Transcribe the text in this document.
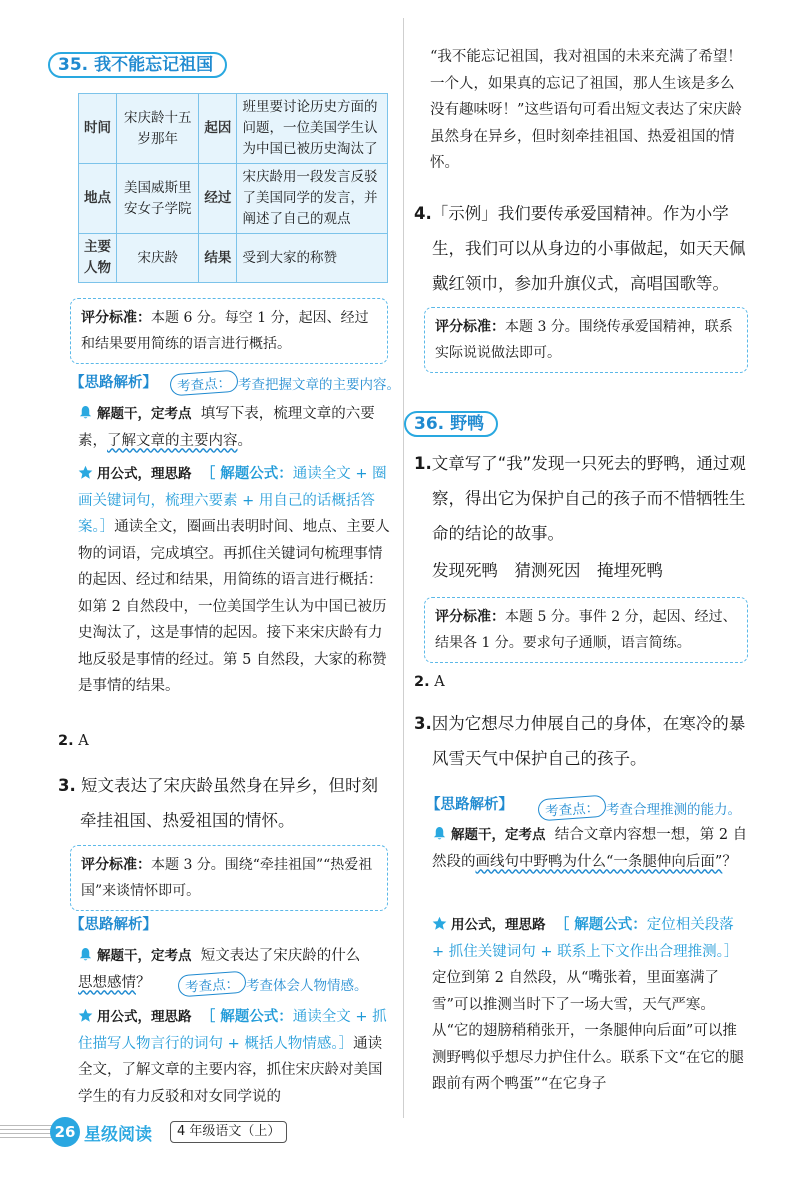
35. 我不能忘记祖国
时间	宋庆龄十五岁那年	起因	班里要讨论历史方面的问题，一位美国学生认为中国已被历史淘汰了
地点	美国威斯里安女子学院	经过	宋庆龄用一段发言反驳了美国同学的发言，并阐述了自己的观点
主要人物	宋庆龄	结果	受到大家的称赞
评分标准：本题 6 分。每空 1 分，起因、经过和结果要用简练的语言进行概括。
【思路解析】	考查点： 考查把握文章的主要内容。
解题干，定考点 填写下表，梳理文章的六要素，了解文章的主要内容。
用公式，理思路 ［ 解题公式：通读全文 + 圈画关键词句，梳理六要素 + 用自己的话概括答案。］通读全文，圈画出表明时间、地点、主要人物的词语，完成填空。再抓住关键词句梳理事情的起因、经过和结果，用简练的语言进行概括：如第 2 自然段中，一位美国学生认为中国已被历史淘汰了，这是事情的起因。接下来宋庆龄有力地反驳是事情的经过。第 5 自然段，大家的称赞是事情的结果。
2. A
3. 短文表达了宋庆龄虽然身在异乡，但时刻牵挂祖国、热爱祖国的情怀。
评分标准：本题 3 分。围绕“牵挂祖国”“热爱祖国”来谈情怀即可。
【思路解析】
解题干，定考点 短文表达了宋庆龄的什么
思想感情？	考查点： 考查体会人物情感。
用公式，理思路 ［ 解题公式：通读全文 + 抓住描写人物言行的词句 + 概括人物情感。］通读全文，了解文章的主要内容，抓住宋庆龄对美国学生的有力反驳和对女同学说的
“我不能忘记祖国，我对祖国的未来充满了希望！一个人，如果真的忘记了祖国，那人生该是多么没有趣味呀！”这些语句可看出短文表达了宋庆龄虽然身在异乡，但时刻牵挂祖国、热爱祖国的情怀。
4.「示例」我们要传承爱国精神。作为小学生，我们可以从身边的小事做起，如天天佩戴红领巾，参加升旗仪式，高唱国歌等。
评分标准：本题 3 分。围绕传承爱国精神，联系实际说说做法即可。
36. 野鸭
1.文章写了“我”发现一只死去的野鸭，通过观察，得出它为保护自己的孩子而不惜牺牲生命的结论的故事。
发现死鸭　猜测死因　掩埋死鸭
评分标准：本题 5 分。事件 2 分，起因、经过、结果各 1 分。要求句子通顺，语言简练。
2. A
3.因为它想尽力伸展自己的身体，在寒冷的暴风雪天气中保护自己的孩子。
【思路解析】	考查点： 考查合理推测的能力。
解题干，定考点 结合文章内容想一想，第 2 自然段的画线句中野鸭为什么“一条腿伸向后面”？
用公式，理思路 ［ 解题公式：定位相关段落 + 抓住关键词句 + 联系上下文作出合理推测。］定位到第 2 自然段，从“嘴张着，里面塞满了雪”可以推测当时下了一场大雪，天气严寒。从“它的翅膀稍稍张开，一条腿伸向后面”可以推测野鸭似乎想尽力护住什么。联系下文“在它的腿跟前有两个鸭蛋”“在它身子
26 星级阅读	4 年级语文（上）
